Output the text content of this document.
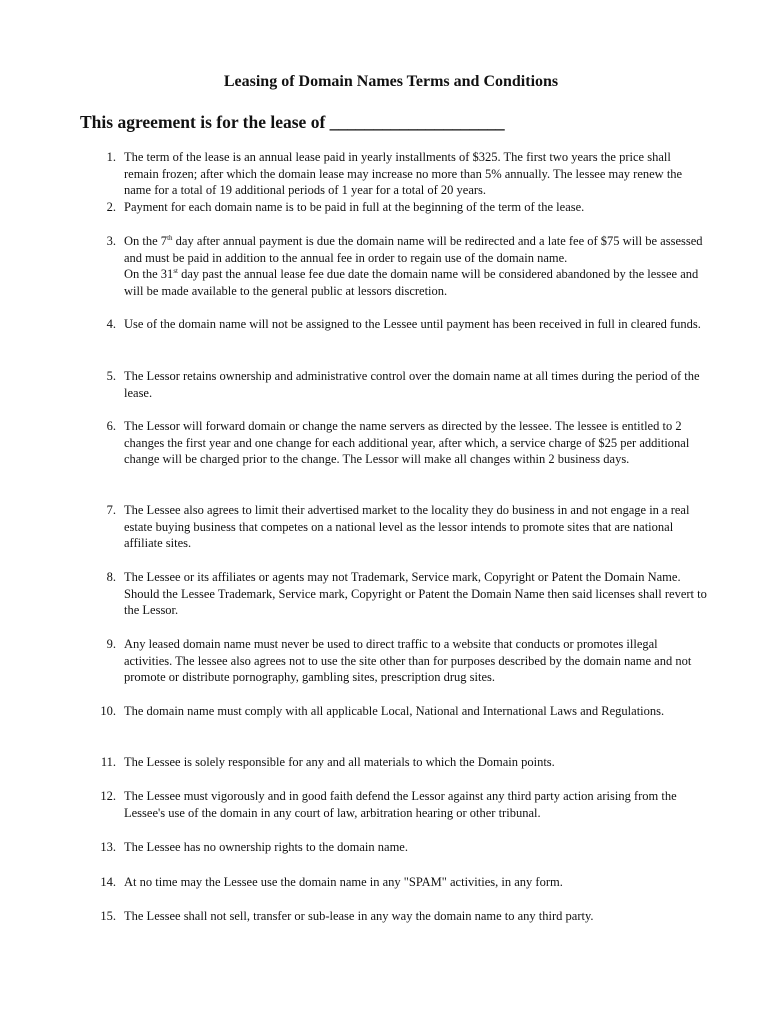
Leasing of Domain Names Terms and Conditions
This agreement is for the lease of ____________________
1. The term of the lease is an annual lease paid in yearly installments of $325. The first two years the price shall remain frozen; after which the domain lease may increase no more than 5% annually. The lessee may renew the name for a total of 19 additional periods of 1 year for a total of 20 years.
2. Payment for each domain name is to be paid in full at the beginning of the term of the lease.
3. On the 7th day after annual payment is due the domain name will be redirected and a late fee of $75 will be assessed and must be paid in addition to the annual fee in order to regain use of the domain name.

On the 31st day past the annual lease fee due date the domain name will be considered abandoned by the lessee and will be made available to the general public at lessors discretion.

4. Use of the domain name will not be assigned to the Lessee until payment has been received in full in cleared funds.
5. The Lessor retains ownership and administrative control over the domain name at all times during the period of the lease.
6. The Lessor will forward domain or change the name servers as directed by the lessee. The lessee is entitled to 2 changes the first year and one change for each additional year, after which, a service charge of $25 per additional change will be charged prior to the change. The Lessor will make all changes within 2 business days.
7. The Lessee also agrees to limit their advertised market to the locality they do business in and not engage in a real estate buying business that competes on a national level as the lessor intends to promote sites that are national affiliate sites.
8. The Lessee or its affiliates or agents may not Trademark, Service mark, Copyright or Patent the Domain Name. Should the Lessee Trademark, Service mark, Copyright or Patent the Domain Name then said licenses shall revert to the Lessor.
9. Any leased domain name must never be used to direct traffic to a website that conducts or promotes illegal activities. The lessee also agrees not to use the site other than for purposes described by the domain name and not promote or distribute pornography, gambling sites, prescription drug sites.
10. The domain name must comply with all applicable Local, National and International Laws and Regulations.
11. The Lessee is solely responsible for any and all materials to which the Domain points.
12. The Lessee must vigorously and in good faith defend the Lessor against any third party action arising from the Lessee's use of the domain in any court of law, arbitration hearing or other tribunal.
13. The Lessee has no ownership rights to the domain name.
14. At no time may the Lessee use the domain name in any "SPAM" activities, in any form.
15. The Lessee shall not sell, transfer or sub-lease in any way the domain name to any third party.
